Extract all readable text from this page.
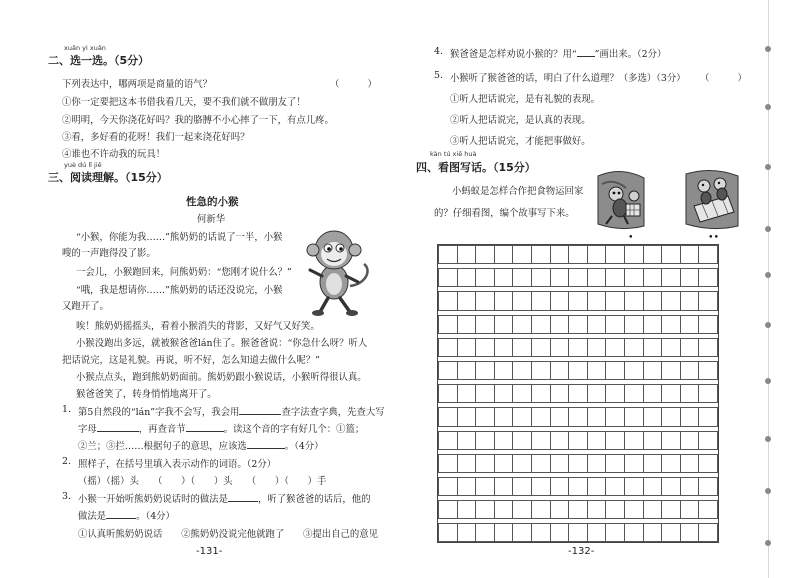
xuǎn yi xuǎn
二、选一选。（5分）
下列表达中，哪两项是商量的语气？	（　　　）
①你一定要把这本书借我看几天，要不我们就不做朋友了！
②明明，今天你浇花好吗？我的胳膊不小心摔了一下，有点儿疼。
③看，多好看的花呀！我们一起来浇花好吗？
④谁也不许动我的玩具！
yuè dú lǐ jiě
三、阅读理解。（15分）
性急的小猴
何新华
“小猴，你能为我……”熊奶奶的话说了一半，小猴
嗖的一声跑得没了影。
一会儿，小猴跑回来，问熊奶奶：“您刚才说什么？”
“哦，我是想请你……”熊奶奶的话还没说完，小猴
又跑开了。
唉！熊奶奶摇摇头，看着小猴消失的背影，又好气又好笑。
小猴没跑出多远，就被猴爸爸lán住了。猴爸爸说：“你急什么呀？听人
把话说完，这是礼貌。再说，听不好，怎么知道去做什么呢？”
小猴点点头，跑到熊奶奶面前。熊奶奶跟小猴说话，小猴听得很认真。
猴爸爸笑了，转身悄悄地离开了。
1. 第5自然段的“lán”字我不会写，我会用	查字法查字典，先查大写
字母	，再查音节	。读这个音的字有好几个：①篮；
②兰；③拦……根据句子的意思，应该选	。（4分）
2. 照样子，在括号里填入表示动作的词语。（2分）
（摇）（摇）头　　（　　）（　　）头　　（　　）（　　）手
3. 小猴一开始听熊奶奶说话时的做法是	，听了猴爸爸的话后，他的
做法是	。（4分）
①认真听熊奶奶说话　　②熊奶奶没说完他就跑了　　③提出自己的意见
-131-
4. 猴爸爸是怎样劝说小猴的？用“ ”画出来。（2分）
5. 小猴听了猴爸爸的话，明白了什么道理？（多选）（3分） （　　　）
①听人把话说完，是有礼貌的表现。
②听人把话说完，是认真的表现。
③听人把话说完，才能把事做好。
kàn tú xiě huà
四、看图写话。（15分）
小蚂蚁是怎样合作把食物运回家
的？仔细看图，编个故事写下来。
•	••

-132-
